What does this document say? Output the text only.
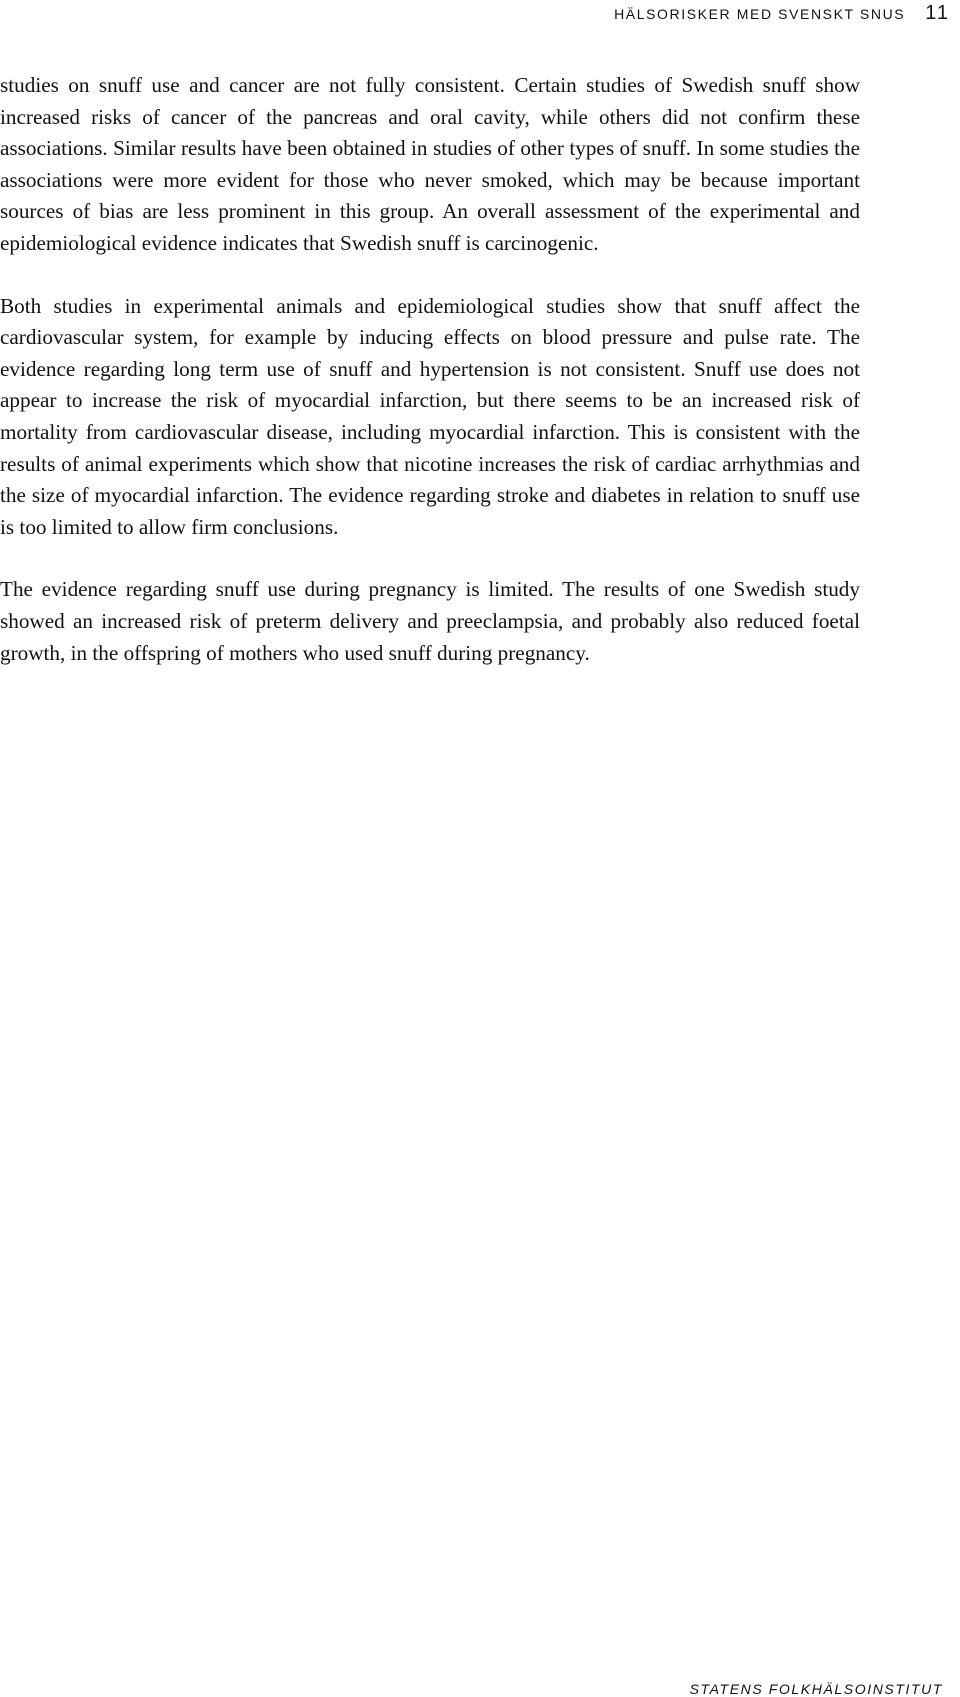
HÄLSORISKER MED SVENSKT SNUS 11

studies on snuff use and cancer are not fully consistent. Certain studies of Swedish snuff show increased risks of cancer of the pancreas and oral cavity, while others did not confirm these associations. Similar results have been obtained in studies of other types of snuff. In some studies the associations were more evident for those who never smoked, which may be because important sources of bias are less prominent in this group. An overall assessment of the experimental and epidemiological evidence indicates that Swedish snuff is carcinogenic.

Both studies in experimental animals and epidemiological studies show that snuff affect the cardiovascular system, for example by inducing effects on blood pressure and pulse rate. The evidence regarding long term use of snuff and hypertension is not consistent. Snuff use does not appear to increase the risk of myocardial infarction, but there seems to be an increased risk of mortality from cardiovascular disease, including myocardial infarction. This is consistent with the results of animal experiments which show that nicotine increases the risk of cardiac arrhythmias and the size of myocardial infarction. The evidence regarding stroke and diabetes in relation to snuff use is too limited to allow firm conclusions.

The evidence regarding snuff use during pregnancy is limited. The results of one Swedish study showed an increased risk of preterm delivery and preeclampsia, and probably also reduced foetal growth, in the offspring of mothers who used snuff during pregnancy.

STATENS FOLKHÄLSOINSTITUT
